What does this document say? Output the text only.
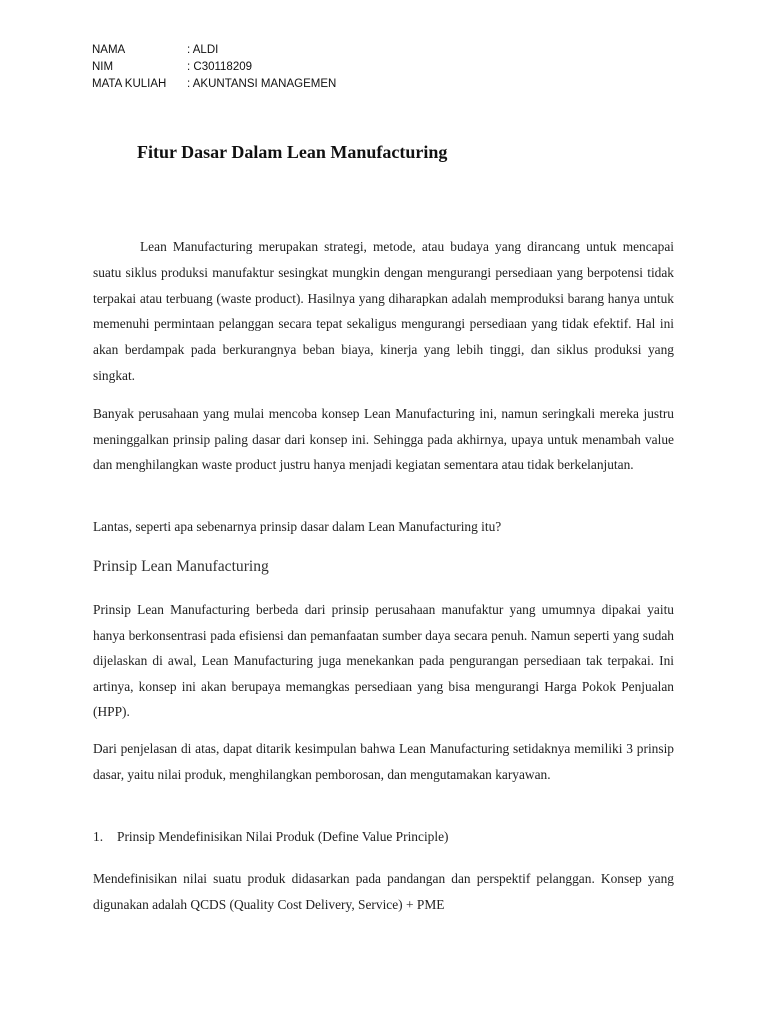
NAMA	: ALDI
NIM	: C30118209
MATA KULIAH	: AKUNTANSI MANAGEMEN
Fitur Dasar Dalam Lean Manufacturing

Lean Manufacturing merupakan strategi, metode, atau budaya yang dirancang untuk mencapai suatu siklus produksi manufaktur sesingkat mungkin dengan mengurangi persediaan yang berpotensi tidak terpakai atau terbuang (waste product). Hasilnya yang diharapkan adalah memproduksi barang hanya untuk memenuhi permintaan pelanggan secara tepat sekaligus mengurangi persediaan yang tidak efektif. Hal ini akan berdampak pada berkurangnya beban biaya, kinerja yang lebih tinggi, dan siklus produksi yang singkat.

Banyak perusahaan yang mulai mencoba konsep Lean Manufacturing ini, namun seringkali mereka justru meninggalkan prinsip paling dasar dari konsep ini. Sehingga pada akhirnya, upaya untuk menambah value dan menghilangkan waste product justru hanya menjadi kegiatan sementara atau tidak berkelanjutan.

Lantas, seperti apa sebenarnya prinsip dasar dalam Lean Manufacturing itu?

Prinsip Lean Manufacturing

Prinsip Lean Manufacturing berbeda dari prinsip perusahaan manufaktur yang umumnya dipakai yaitu hanya berkonsentrasi pada efisiensi dan pemanfaatan sumber daya secara penuh. Namun seperti yang sudah dijelaskan di awal, Lean Manufacturing juga menekankan pada pengurangan persediaan tak terpakai. Ini artinya, konsep ini akan berupaya memangkas persediaan yang bisa mengurangi Harga Pokok Penjualan (HPP).

Dari penjelasan di atas, dapat ditarik kesimpulan bahwa Lean Manufacturing setidaknya memiliki 3 prinsip dasar, yaitu nilai produk, menghilangkan pemborosan, dan mengutamakan karyawan.

1. Prinsip Mendefinisikan Nilai Produk (Define Value Principle)

Mendefinisikan nilai suatu produk didasarkan pada pandangan dan perspektif pelanggan. Konsep yang digunakan adalah QCDS (Quality Cost Delivery, Service) + PME
